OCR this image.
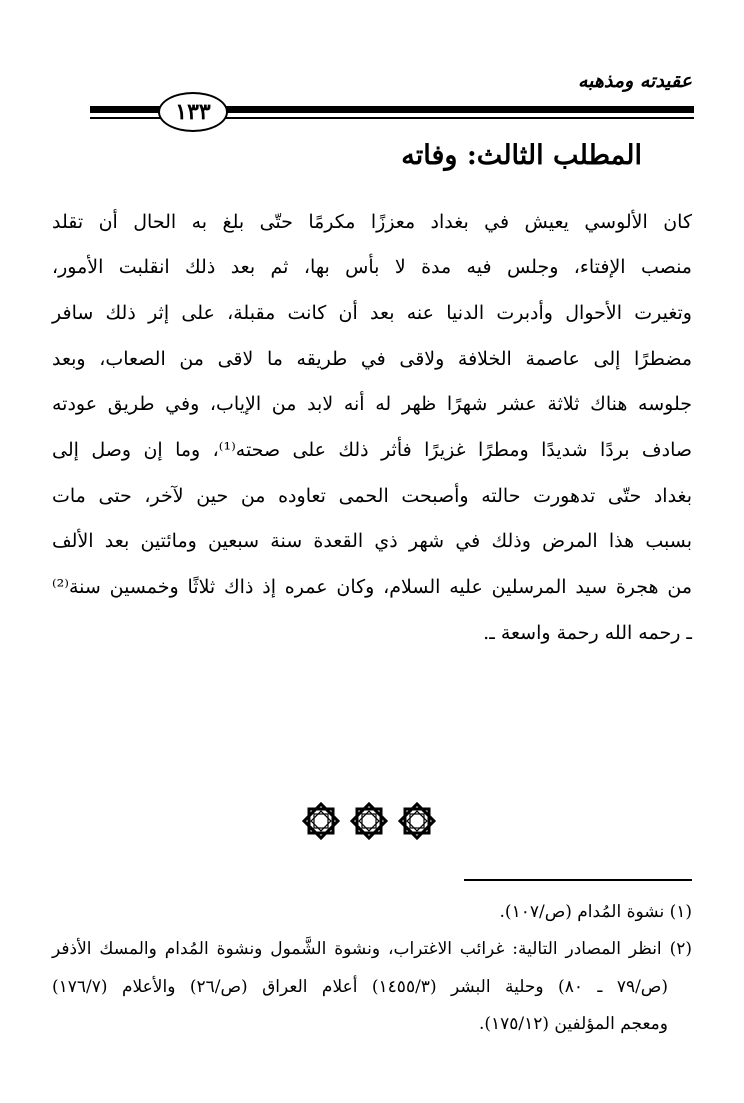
عقيدته ومذهبه
١٣٣
المطلب الثالث: وفاته
كان الألوسي يعيش في بغداد معززًا مكرمًا حتّى بلغ به الحال أن تقلد
منصب الإفتاء، وجلس فيه مدة لا بأس بها، ثم بعد ذلك انقلبت الأمور،
وتغيرت الأحوال وأدبرت الدنيا عنه بعد أن كانت مقبلة، على إثر ذلك سافر
مضطرًا إلى عاصمة الخلافة ولاقى في طريقه ما لاقى من الصعاب، وبعد
جلوسه هناك ثلاثة عشر شهرًا ظهر له أنه لابد من الإياب، وفي طريق عودته
صادف بردًا شديدًا ومطرًا غزيرًا فأثر ذلك على صحته⁽¹⁾، وما إن وصل إلى
بغداد حتّى تدهورت حالته وأصبحت الحمى تعاوده من حين لآخر، حتى مات
بسبب هذا المرض وذلك في شهر ذي القعدة سنة سبعين ومائتين بعد الألف
من هجرة سيد المرسلين عليه السلام، وكان عمره إذ ذاك ثلاثًا وخمسين سنة⁽²⁾
ـ رحمه الله رحمة واسعة ـ.
(١) نشوة المُدام (ص/١٠٧).
(٢) انظر المصادر التالية: غرائب الاغتراب، ونشوة الشَّمول ونشوة المُدام والمسك الأذفر
(ص/٧٩ ـ ٨٠) وحلية البشر (١٤٥٥/٣) أعلام العراق (ص/٢٦) والأعلام (١٧٦/٧)
ومعجم المؤلفين (١٧٥/١٢).
